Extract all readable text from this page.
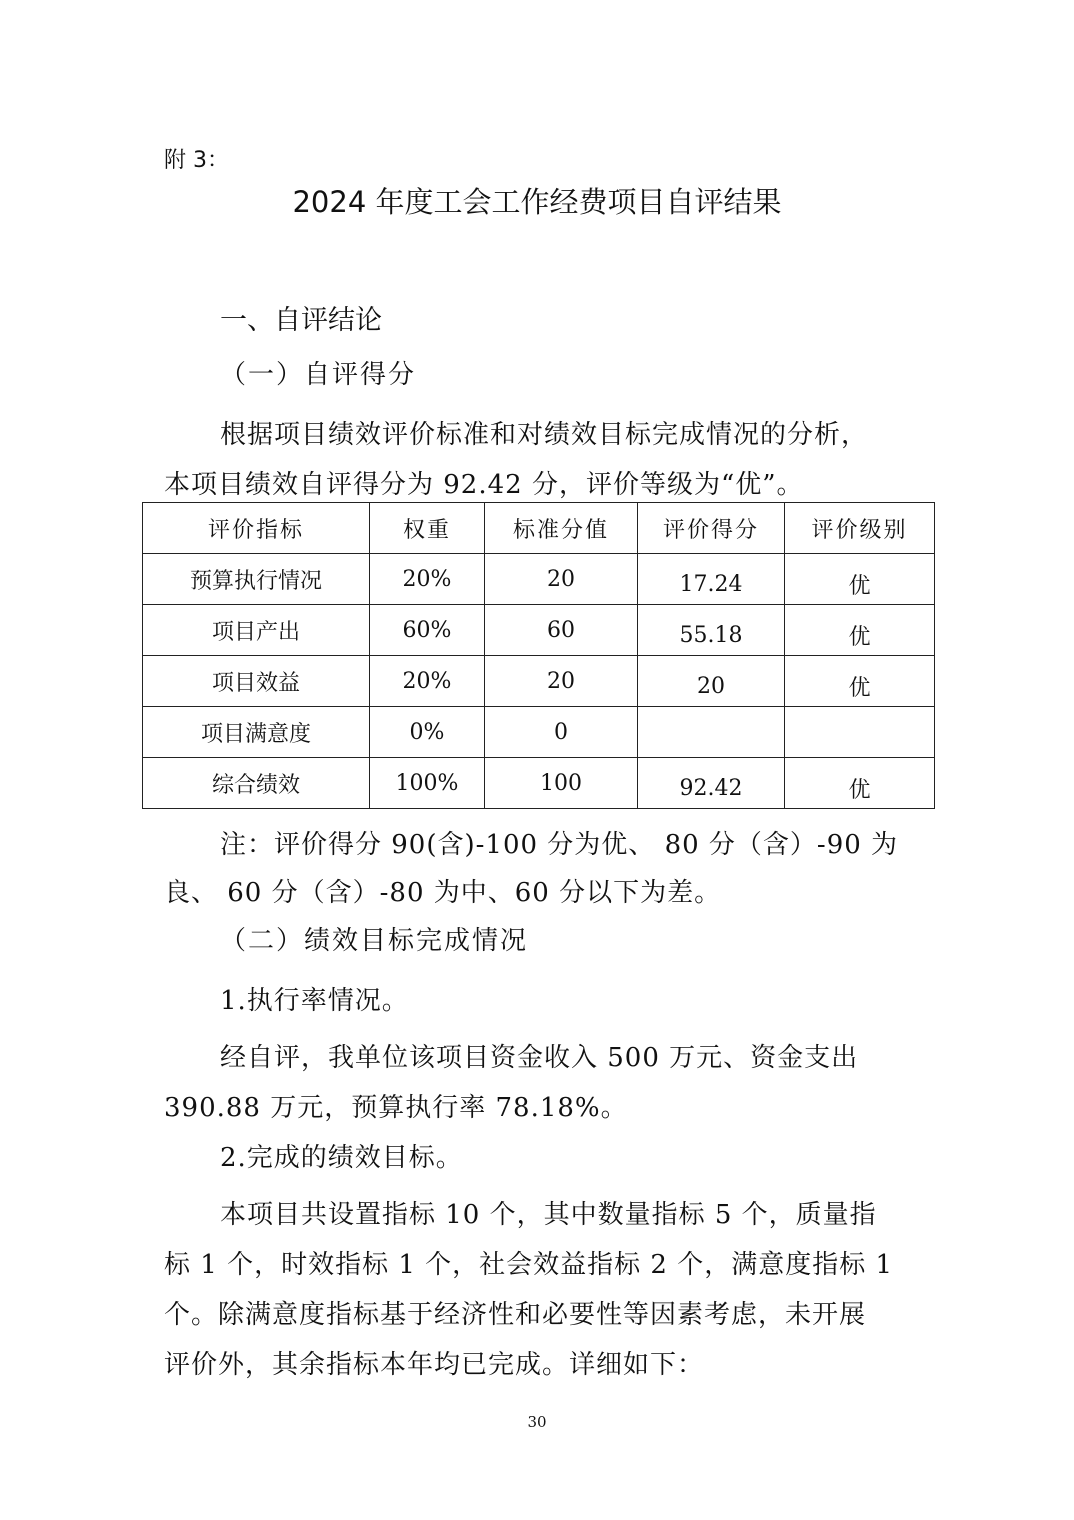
附 3：
2024 年度工会工作经费项目自评结果
一、自评结论
（一）自评得分
根据项目绩效评价标准和对绩效目标完成情况的分析，
本项目绩效自评得分为 92.42 分，评价等级为“优”。
评价指标	权重	标准分值	评价得分	评价级别
预算执行情况	20%	20	17.24	优
项目产出	60%	60	55.18	优
项目效益	20%	20	20	优
项目满意度	0%	0		
综合绩效	100%	100	92.42	优
注：评价得分 90(含)-100 分为优、 80 分（含）-90 为
良、 60 分（含）-80 为中、60 分以下为差。
（二）绩效目标完成情况
1.执行率情况。
经自评，我单位该项目资金收入 500 万元、资金支出
390.88 万元，预算执行率 78.18%。
2.完成的绩效目标。
本项目共设置指标 10 个，其中数量指标 5 个，质量指
标 1 个，时效指标 1 个，社会效益指标 2 个，满意度指标 1
个。除满意度指标基于经济性和必要性等因素考虑，未开展
评价外，其余指标本年均已完成。详细如下：
30
